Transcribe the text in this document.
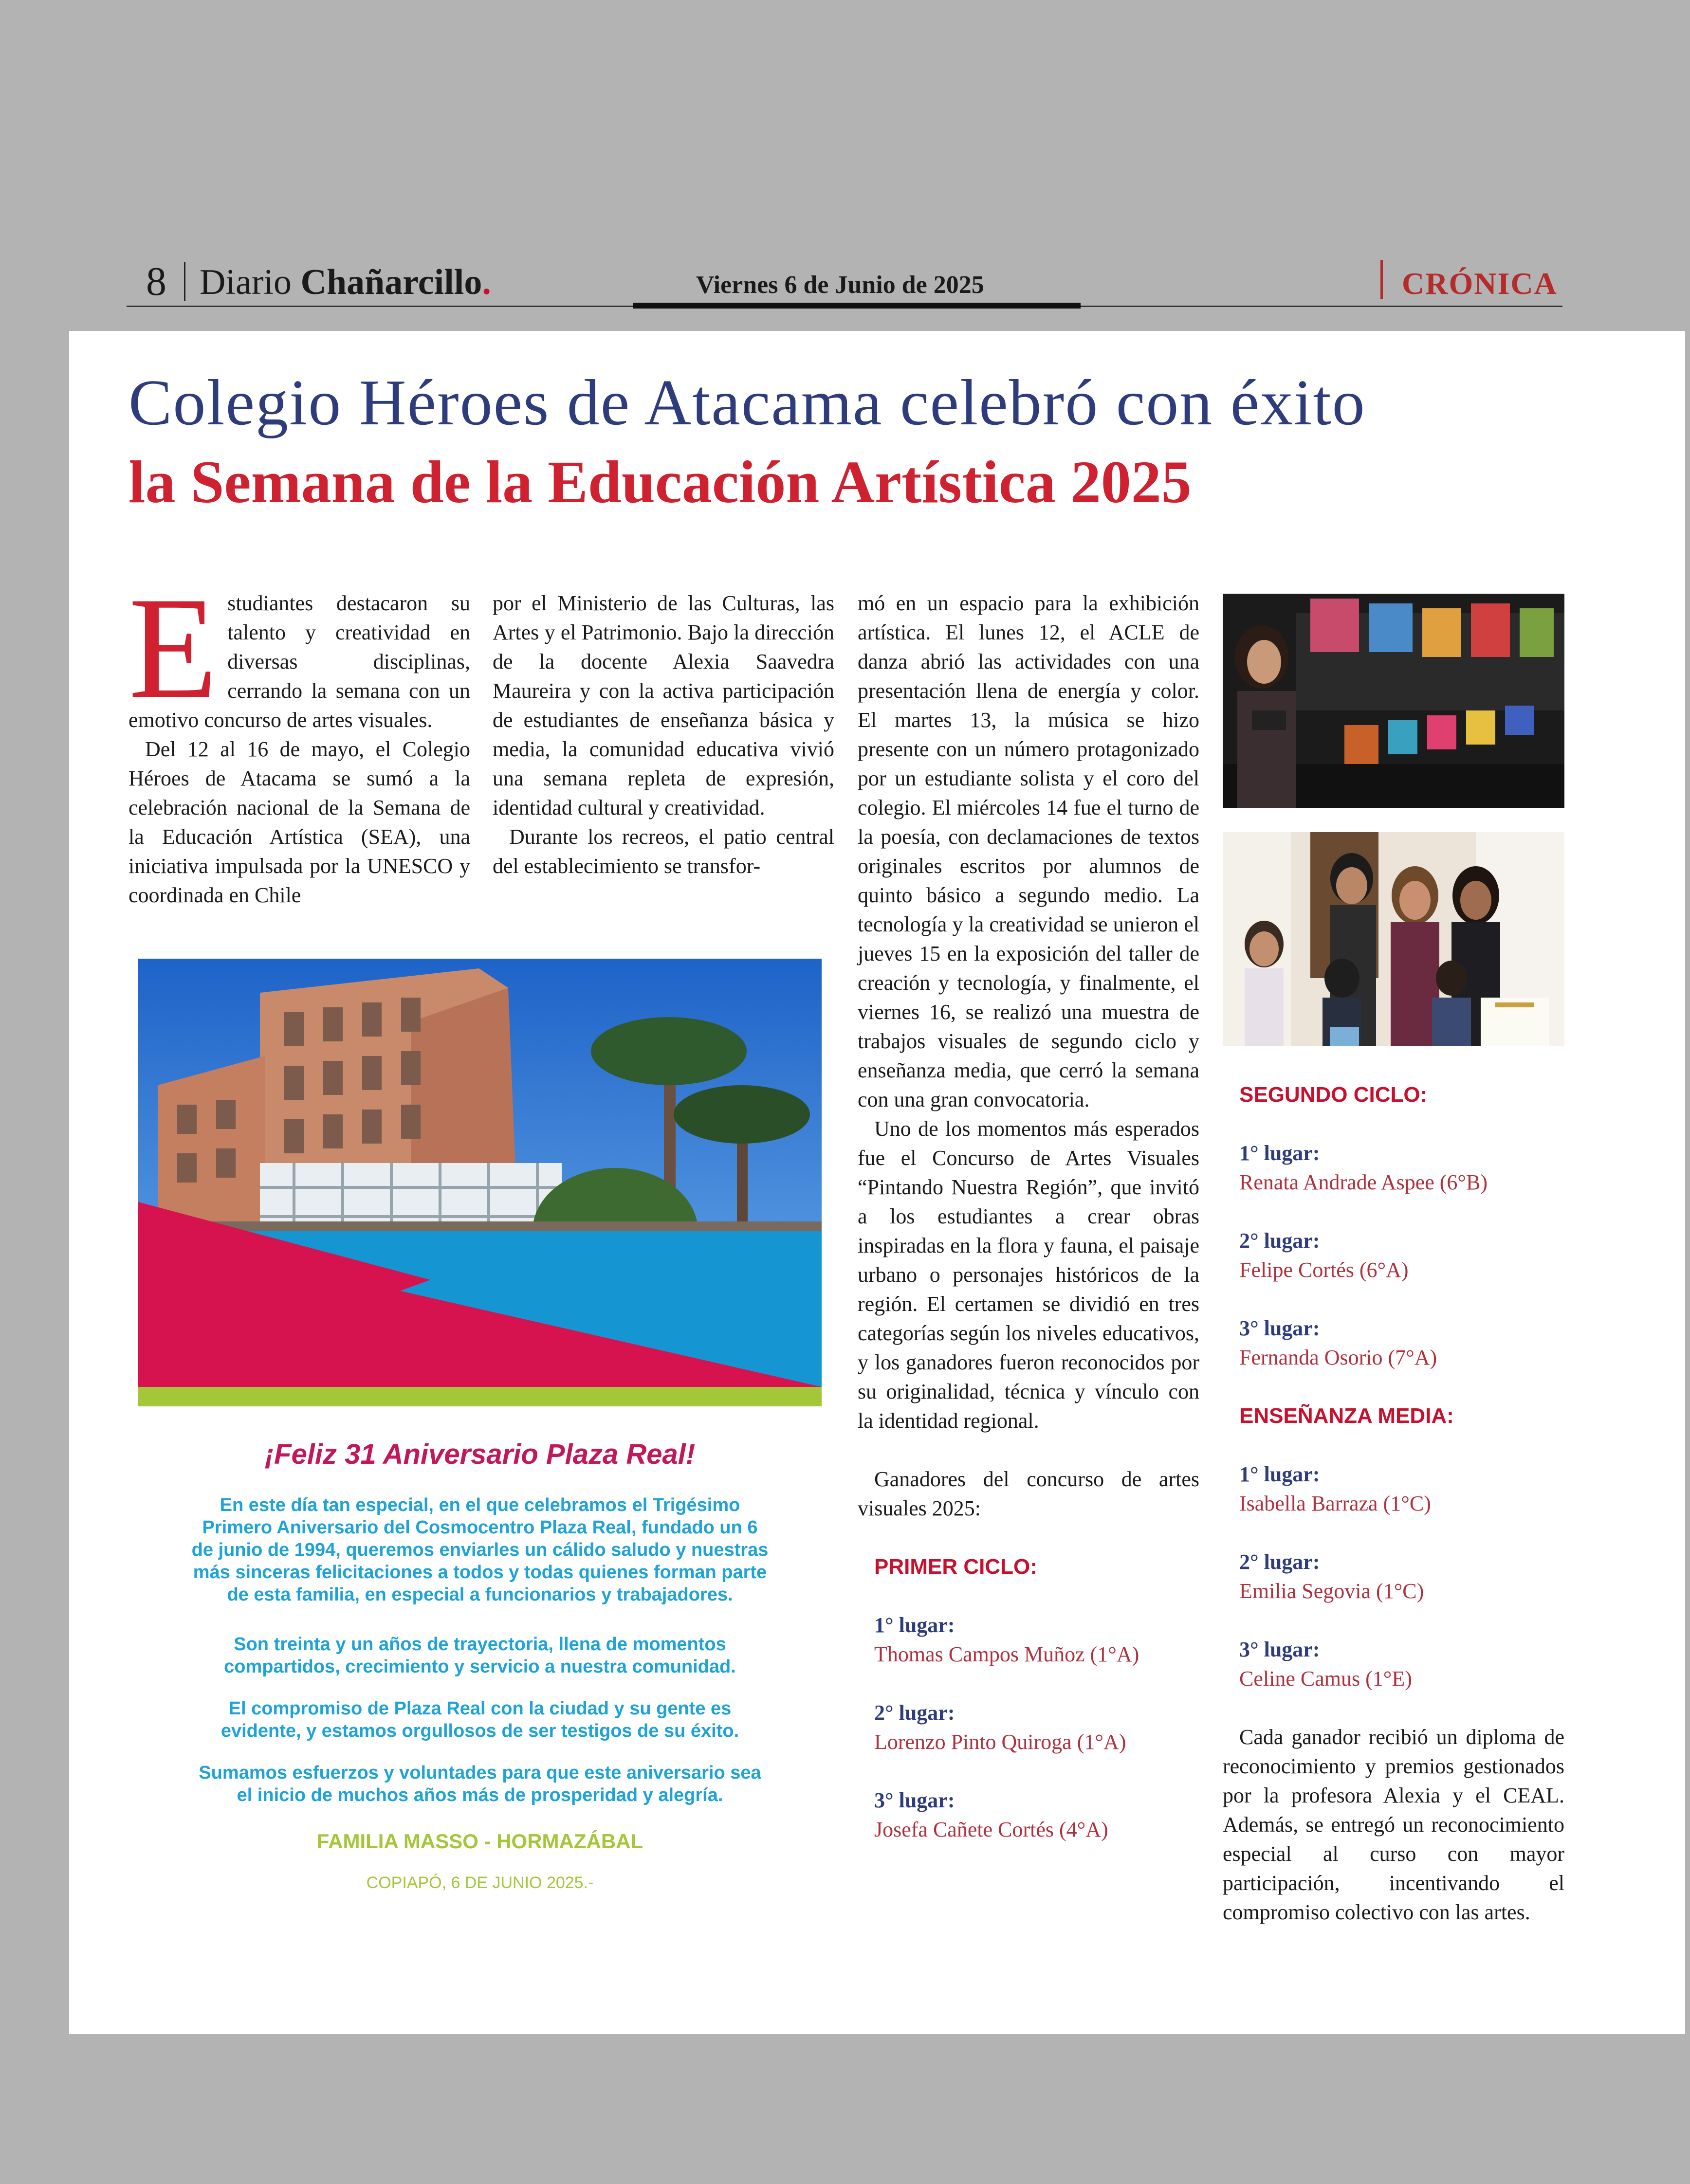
8 Diario Chañarcillo.	Viernes 6 de Junio de 2025	CRÓNICA
Colegio Héroes de Atacama celebró con éxito
la Semana de la Educación Artística 2025

Estudiantes destacaron su talento y creatividad en diversas disciplinas, cerrando la semana con un emotivo concurso de artes visuales.

Del 12 al 16 de mayo, el Colegio Héroes de Atacama se sumó a la celebración nacional de la Semana de la Educación Artística (SEA), una iniciativa impulsada por la UNESCO y coordinada en Chile

por el Ministerio de las Culturas, las Artes y el Patrimonio. Bajo la dirección de la docente Alexia Saavedra Maureira y con la activa participación de estudiantes de enseñanza básica y media, la comunidad educativa vivió una semana repleta de expresión, identidad cultural y creatividad.

Durante los recreos, el patio central del establecimiento se transfor-

mó en un espacio para la exhibición artística. El lunes 12, el ACLE de danza abrió las actividades con una presentación llena de energía y color. El martes 13, la música se hizo presente con un número protagonizado por un estudiante solista y el coro del colegio. El miércoles 14 fue el turno de la poesía, con declamaciones de textos originales escritos por alumnos de quinto básico a segundo medio. La tecnología y la creatividad se unieron el jueves 15 en la exposición del taller de creación y tecnología, y finalmente, el viernes 16, se realizó una muestra de trabajos visuales de segundo ciclo y enseñanza media, que cerró la semana con una gran convocatoria.

Uno de los momentos más esperados fue el Concurso de Artes Visuales “Pintando Nuestra Región”, que invitó a los estudiantes a crear obras inspiradas en la flora y fauna, el paisaje urbano o personajes históricos de la región. El certamen se dividió en tres categorías según los niveles educativos, y los ganadores fueron reconocidos por su originalidad, técnica y vínculo con la identidad regional.

Ganadores del concurso de artes visuales 2025:

PRIMER CICLO:

1° lugar:

Thomas Campos Muñoz (1°A)

2° lugar:

Lorenzo Pinto Quiroga (1°A)

3° lugar:

Josefa Cañete Cortés (4°A)

SEGUNDO CICLO:

1° lugar:

Renata Andrade Aspee (6°B)

2° lugar:

Felipe Cortés (6°A)

3° lugar:

Fernanda Osorio (7°A)

ENSEÑANZA MEDIA:

1° lugar:

Isabella Barraza (1°C)

2° lugar:

Emilia Segovia (1°C)

3° lugar:

Celine Camus (1°E)

Cada ganador recibió un diploma de reconocimiento y premios gestionados por la profesora Alexia y el CEAL. Además, se entregó un reconocimiento especial al curso con mayor participación, incentivando el compromiso colectivo con las artes.

¡Feliz 31 Aniversario Plaza Real!
En este día tan especial, en el que celebramos el Trigésimo
Primero Aniversario del Cosmocentro Plaza Real, fundado un 6
de junio de 1994, queremos enviarles un cálido saludo y nuestras
más sinceras felicitaciones a todos y todas quienes forman parte
de esta familia, en especial a funcionarios y trabajadores.
Son treinta y un años de trayectoria, llena de momentos
compartidos, crecimiento y servicio a nuestra comunidad.
El compromiso de Plaza Real con la ciudad y su gente es
evidente, y estamos orgullosos de ser testigos de su éxito.
Sumamos esfuerzos y voluntades para que este aniversario sea
el inicio de muchos años más de prosperidad y alegría.
FAMILIA MASSO - HORMAZÁBAL
COPIAPÓ, 6 DE JUNIO 2025.-
